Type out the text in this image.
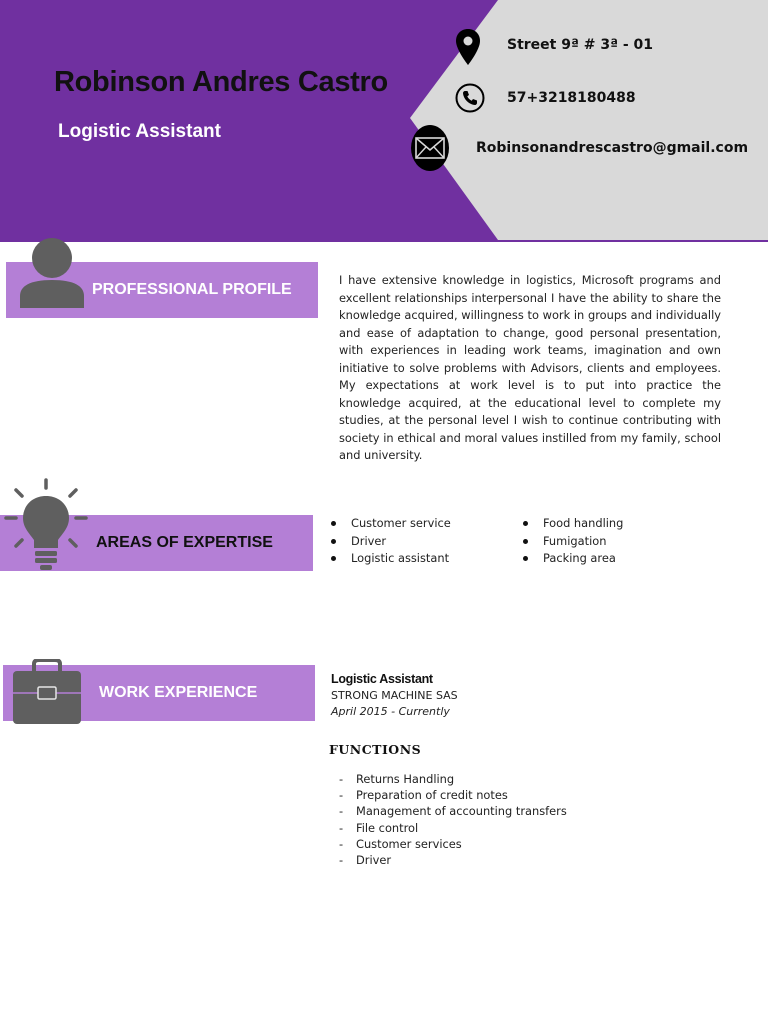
Robinson Andres Castro
Logistic Assistant
Street 9ª # 3ª - 01
57+3218180488
Robinsonandrescastro@gmail.com
PROFESSIONAL PROFILE

I have extensive knowledge in logistics, Microsoft programs and excellent relationships interpersonal I have the ability to share the knowledge acquired, willingness to work in groups and individually and ease of adaptation to change, good personal presentation, with experiences in leading work teams, imagination and own initiative to solve problems with Advisors, clients and employees. My expectations at work level is to put into practice the knowledge acquired, at the educational level to complete my studies, at the personal level I wish to continue contributing with society in ethical and moral values instilled from my family, school and university.

AREAS OF EXPERTISE
Customer service
Driver
Logistic assistant
Food handling
Fumigation
Packing area
WORK EXPERIENCE

Logistic Assistant

STRONG MACHINE SAS

April 2015 - Currently

FUNCTIONS

- Returns Handling
- Preparation of credit notes
- Management of accounting transfers
- File control
- Customer services
- Driver
